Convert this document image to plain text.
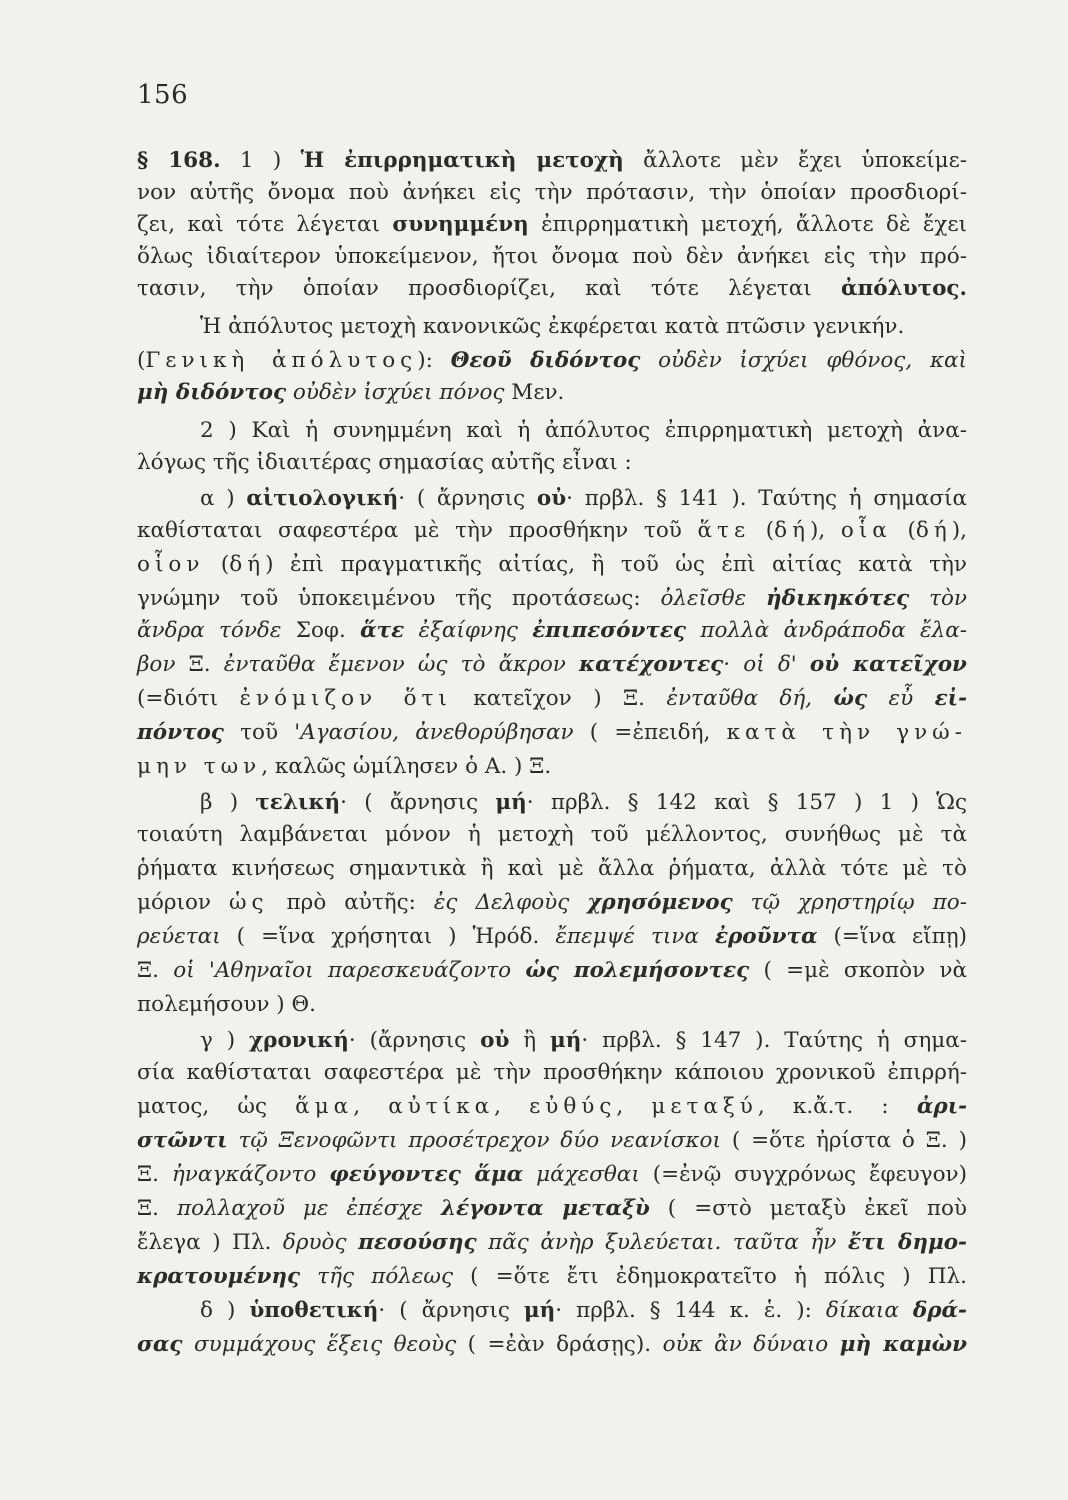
156
§ 168. 1 ) Ἡ ἐπιρρηματικὴ μετοχὴ ἄλλοτε μὲν ἔχει ὑποκείμε-
νον αὐτῆς ὄνομα ποὺ ἀνήκει εἰς τὴν πρότασιν, τὴν ὁποίαν προσδιορί-
ζει, καὶ τότε λέγεται συνημμένη ἐπιρρηματικὴ μετοχή, ἄλλοτε δὲ ἔχει
ὅλως ἰδιαίτερον ὑποκείμενον, ἤτοι ὄνομα ποὺ δὲν ἀνήκει εἰς τὴν πρό-
τασιν, τὴν ὁποίαν προσδιορίζει, καὶ τότε λέγεται ἀπόλυτος.
Ἡ ἀπόλυτος μετοχὴ κανονικῶς ἐκφέρεται κατὰ πτῶσιν γενικήν.
(Γενικὴ ἀπόλυτος): Θεοῦ διδόντος οὐδὲν ἰσχύει φθόνος, καὶ
μὴ διδόντος οὐδὲν ἰσχύει πόνος Μεν.
2 ) Καὶ ἡ συνημμένη καὶ ἡ ἀπόλυτος ἐπιρρηματικὴ μετοχὴ ἀνα-
λόγως τῆς ἰδιαιτέρας σημασίας αὐτῆς εἶναι :
α ) αἰτιολογική· ( ἄρνησις οὐ· πρβλ. § 141 ). Ταύτης ἡ σημασία
καθίσταται σαφεστέρα μὲ τὴν προσθήκην τοῦ ἅτε (δή), οἷα (δή),
οἷον (δή) ἐπὶ πραγματικῆς αἰτίας, ἢ τοῦ ὡς ἐπὶ αἰτίας κατὰ τὴν
γνώμην τοῦ ὑποκειμένου τῆς προτάσεως: ὀλεῖσθε ἠδικηκότες τὸν
ἄνδρα τόνδε Σοφ. ἅτε ἐξαίφνης ἐπιπεσόντες πολλὰ ἀνδράποδα ἔλα-
βον Ξ. ἐνταῦθα ἔμενον ὡς τὸ ἄκρον κατέχοντες· οἱ δ' οὐ κατεῖχον
(=διότι ἐνόμιζον ὅτι κατεῖχον ) Ξ. ἐνταῦθα δή, ὡς εὖ εἰ-
πόντος τοῦ 'Αγασίου, ἀνεθορύβησαν ( =ἐπειδή, κατὰ τὴν γνώ-
μην των, καλῶς ὡμίλησεν ὁ Α. ) Ξ.
β ) τελική· ( ἄρνησις μή· πρβλ. § 142 καὶ § 157 ) 1 ) Ὡς
τοιαύτη λαμβάνεται μόνον ἡ μετοχὴ τοῦ μέλλοντος, συνήθως μὲ τὰ
ῥήματα κινήσεως σημαντικὰ ἢ καὶ μὲ ἄλλα ῥήματα, ἀλλὰ τότε μὲ τὸ
μόριον ὡς πρὸ αὐτῆς: ἐς Δελφοὺς χρησόμενος τῷ χρηστηρίῳ πο-
ρεύεται ( =ἵνα χρήσηται ) Ἡρόδ. ἔπεμψέ τινα ἐροῦντα (=ἵνα εἴπῃ)
Ξ. οἱ 'Αθηναῖοι παρεσκευάζοντο ὡς πολεμήσοντες ( =μὲ σκοπὸν νὰ
πολεμήσουν ) Θ.
γ ) χρονική· (ἄρνησις οὐ ἢ μή· πρβλ. § 147 ). Ταύτης ἡ σημα-
σία καθίσταται σαφεστέρα μὲ τὴν προσθήκην κάποιου χρονικοῦ ἐπιρρή-
ματος, ὡς ἅμα, αὐτίκα, εὐθύς, μεταξύ, κ.ἄ.τ. : ἀρι-
στῶντι τῷ Ξενοφῶντι προσέτρεχον δύο νεανίσκοι ( =ὅτε ἠρίστα ὁ Ξ. )
Ξ. ἠναγκάζοντο φεύγοντες ἅμα μάχεσθαι (=ἐνῷ συγχρόνως ἔφευγον)
Ξ. πολλαχοῦ με ἐπέσχε λέγοντα μεταξὺ ( =στὸ μεταξὺ ἐκεῖ ποὺ
ἔλεγα ) Πλ. δρυὸς πεσούσης πᾶς ἀνὴρ ξυλεύεται. ταῦτα ἦν ἔτι δημο-
κρατουμένης τῆς πόλεως ( =ὅτε ἔτι ἐδημοκρατεῖτο ἡ πόλις ) Πλ.
δ ) ὑποθετική· ( ἄρνησις μή· πρβλ. § 144 κ. ἑ. ): δίκαια δρά-
σας συμμάχους ἕξεις θεοὺς ( =ἐὰν δράσῃς). οὐκ ἂν δύναιο μὴ καμὼν
